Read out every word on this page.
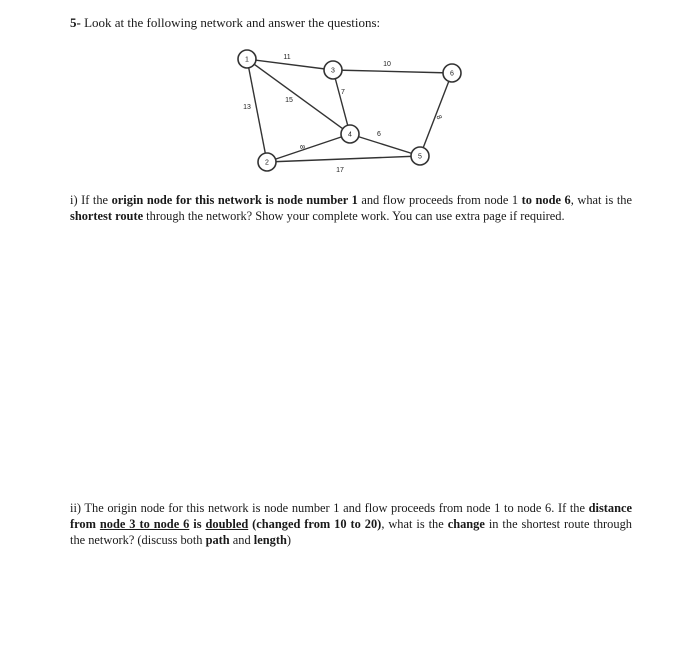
5- Look at the following network and answer the questions:

11
13
15
7
10
8
17
6
8
1
2
3
4
5
6

i) If the origin node for this network is node number 1 and flow proceeds from node 1 to node 6, what is the shortest route through the network? Show your complete work. You can use extra page if required.

ii) The origin node for this network is node number 1 and flow proceeds from node 1 to node 6. If the distance from node 3 to node 6 is doubled (changed from 10 to 20), what is the change in the shortest route through the network? (discuss both path and length)
